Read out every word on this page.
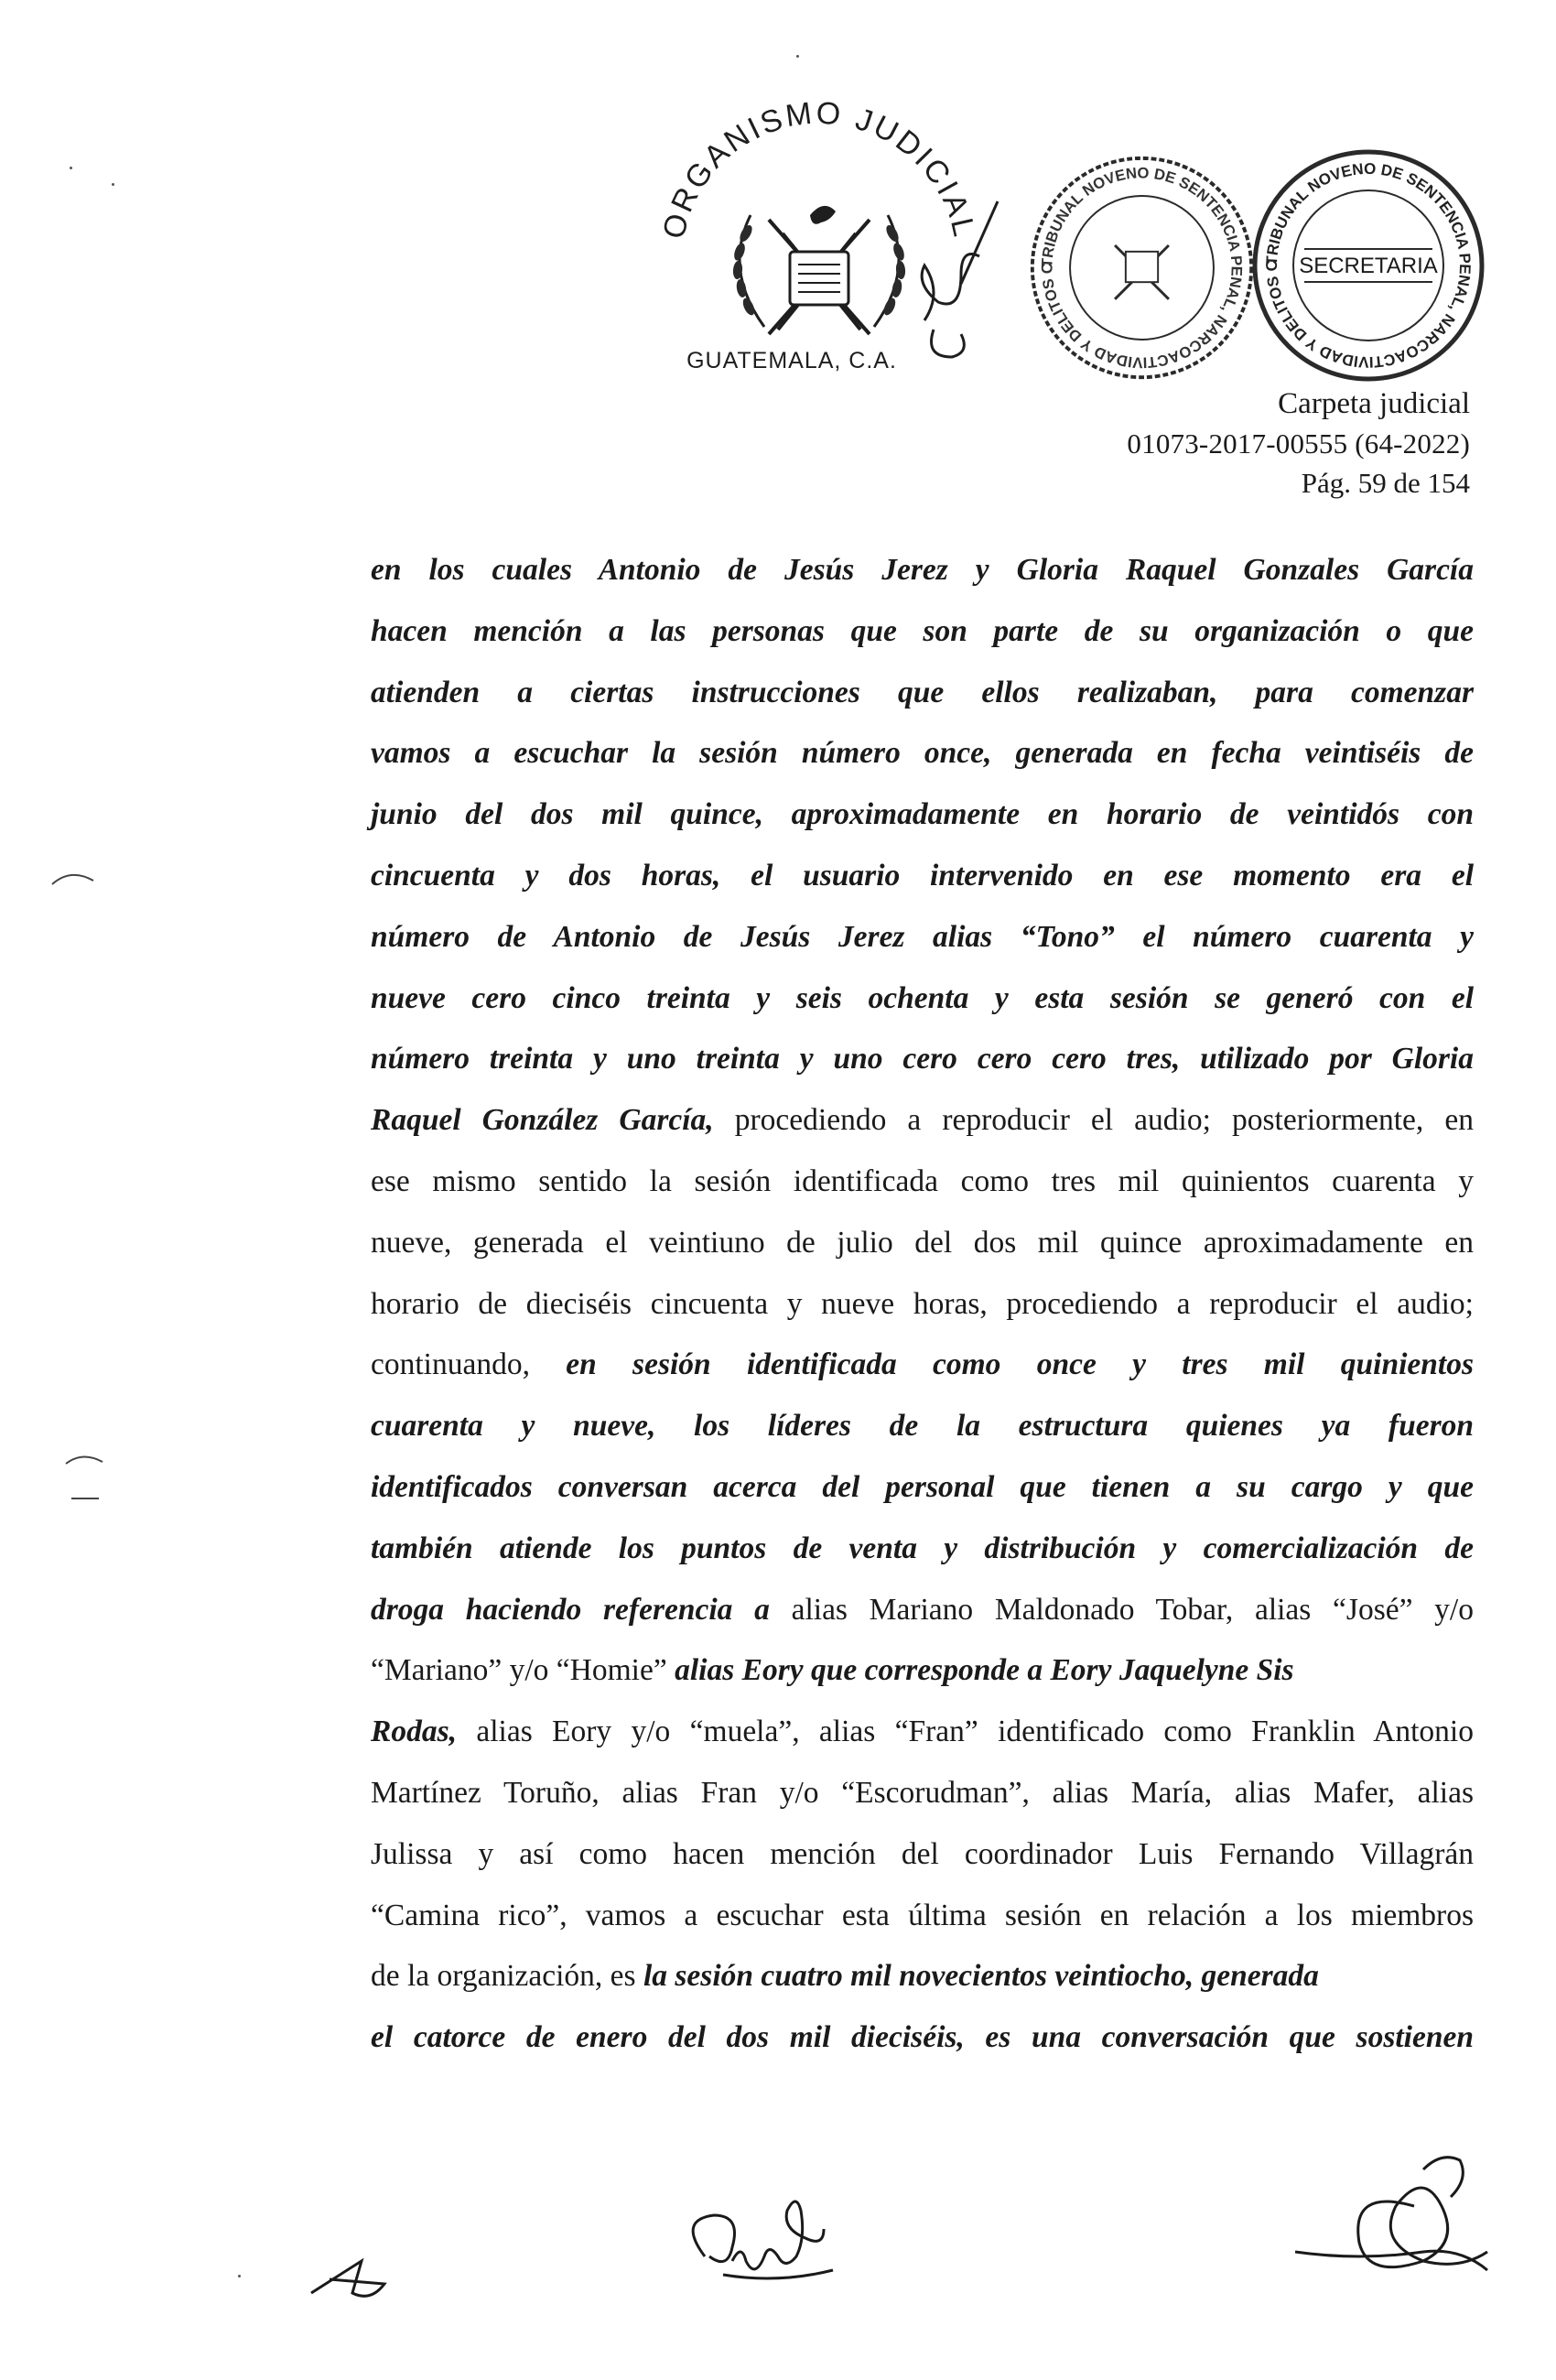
ORGANISMO JUDICIAL
GUATEMALA, C.A.
TRIBUNAL NOVENO DE SENTENCIA PENAL, NARCOACTIVIDAD Y DELITOS C
TRIBUNAL NOVENO DE SENTENCIA PENAL, NARCOACTIVIDAD Y DELITOS C SECRETARIA
Carpeta judicial
01073-2017-00555 (64-2022)
Pág. 59 de 154
en los cuales Antonio de Jesús Jerez y Gloria Raquel Gonzales García
hacen mención a las personas que son parte de su organización o que
atienden a ciertas instrucciones que ellos realizaban, para comenzar
vamos a escuchar la sesión número once, generada en fecha veintiséis de
junio del dos mil quince, aproximadamente en horario de veintidós con
cincuenta y dos horas, el usuario intervenido en ese momento era el
número de Antonio de Jesús Jerez alias “Tono” el número cuarenta y
nueve cero cinco treinta y seis ochenta y esta sesión se generó con el
número treinta y uno treinta y uno cero cero cero tres, utilizado por Gloria
Raquel González García, procediendo a reproducir el audio; posteriormente, en
ese mismo sentido la sesión identificada como tres mil quinientos cuarenta y
nueve, generada el veintiuno de julio del dos mil quince aproximadamente en
horario de dieciséis cincuenta y nueve horas, procediendo a reproducir el audio;
continuando, en sesión identificada como once y tres mil quinientos
cuarenta y nueve, los líderes de la estructura quienes ya fueron
identificados conversan acerca del personal que tienen a su cargo y que
también atiende los puntos de venta y distribución y comercialización de
droga haciendo referencia a alias Mariano Maldonado Tobar, alias “José” y/o
“Mariano” y/o “Homie” alias Eory que corresponde a Eory Jaquelyne Sis
Rodas, alias Eory y/o “muela”, alias “Fran” identificado como Franklin Antonio
Martínez Toruño, alias Fran y/o “Escorudman”, alias María, alias Mafer, alias
Julissa y así como hacen mención del coordinador Luis Fernando Villagrán
“Camina rico”, vamos a escuchar esta última sesión en relación a los miembros
de la organización, es la sesión cuatro mil novecientos veintiocho, generada
el catorce de enero del dos mil dieciséis, es una conversación que sostienen
